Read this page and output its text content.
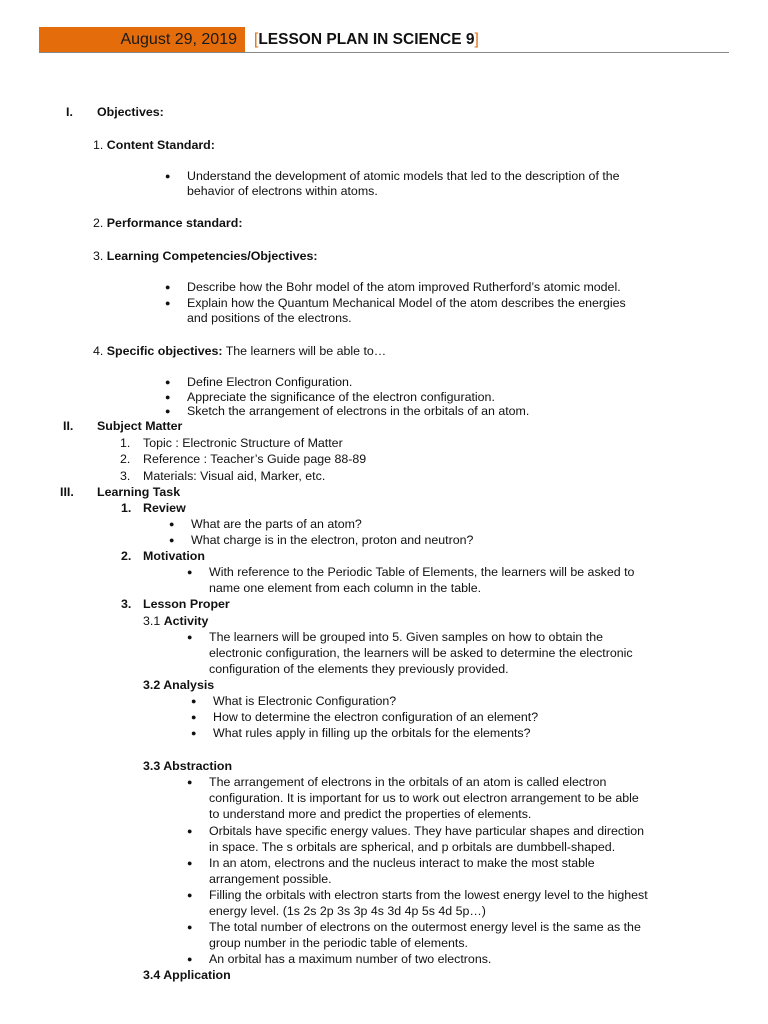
August 29, 2019 [LESSON PLAN IN SCIENCE 9]
I. Objectives:
1. Content Standard:
● Understand the development of atomic models that led to the description of the
behavior of electrons within atoms.
2. Performance standard:
3. Learning Competencies/Objectives:
● Describe how the Bohr model of the atom improved Rutherford’s atomic model.
● Explain how the Quantum Mechanical Model of the atom describes the energies
and positions of the electrons.
4. Specific objectives: The learners will be able to…
● Define Electron Configuration.
● Appreciate the significance of the electron configuration.
● Sketch the arrangement of electrons in the orbitals of an atom.
II. Subject Matter
1. Topic : Electronic Structure of Matter
2. Reference : Teacher’s Guide page 88-89
3. Materials: Visual aid, Marker, etc.
III. Learning Task
1. Review
● What are the parts of an atom?
● What charge is in the electron, proton and neutron?
2. Motivation
● With reference to the Periodic Table of Elements, the learners will be asked to
name one element from each column in the table.
3. Lesson Proper
3.1 Activity
● The learners will be grouped into 5. Given samples on how to obtain the
electronic configuration, the learners will be asked to determine the electronic
configuration of the elements they previously provided.
3.2 Analysis
● What is Electronic Configuration?
● How to determine the electron configuration of an element?
● What rules apply in filling up the orbitals for the elements?
3.3 Abstraction
● The arrangement of electrons in the orbitals of an atom is called electron
configuration. It is important for us to work out electron arrangement to be able
to understand more and predict the properties of elements.
● Orbitals have specific energy values. They have particular shapes and direction
in space. The s orbitals are spherical, and p orbitals are dumbbell-shaped.
● In an atom, electrons and the nucleus interact to make the most stable
arrangement possible.
● Filling the orbitals with electron starts from the lowest energy level to the highest
energy level. (1s 2s 2p 3s 3p 4s 3d 4p 5s 4d 5p…)
● The total number of electrons on the outermost energy level is the same as the
group number in the periodic table of elements.
● An orbital has a maximum number of two electrons.
3.4 Application
